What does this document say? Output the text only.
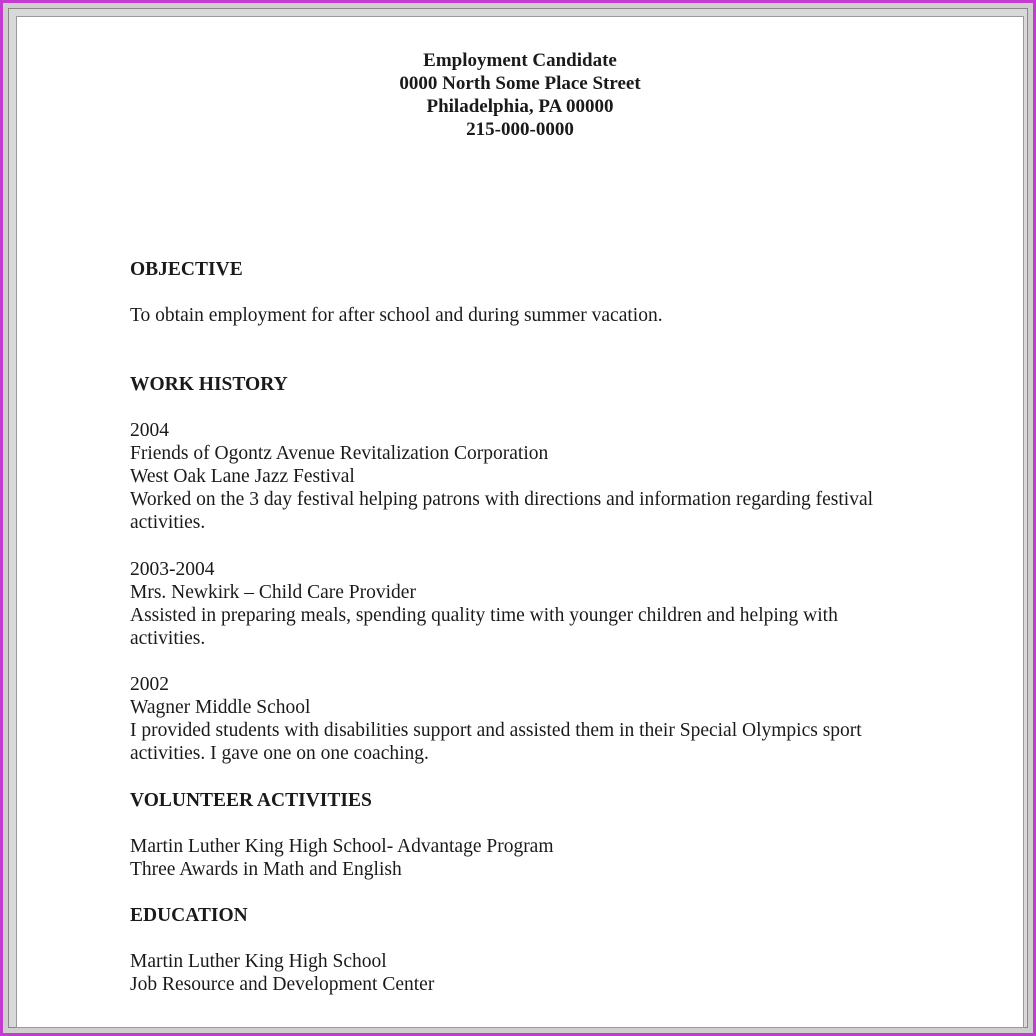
Employment Candidate
0000 North Some Place Street
Philadelphia, PA 00000
215-000-0000
OBJECTIVE
To obtain employment for after school and during summer vacation.
WORK HISTORY
2004
Friends of Ogontz Avenue Revitalization Corporation
West Oak Lane Jazz Festival
Worked on the 3 day festival helping patrons with directions and information regarding festival
activities.
2003-2004
Mrs. Newkirk – Child Care Provider
Assisted in preparing meals, spending quality time with younger children and helping with
activities.
2002
Wagner Middle School
I provided students with disabilities support and assisted them in their Special Olympics sport
activities. I gave one on one coaching.
VOLUNTEER ACTIVITIES
Martin Luther King High School- Advantage Program
Three Awards in Math and English
EDUCATION
Martin Luther King High School
Job Resource and Development Center
